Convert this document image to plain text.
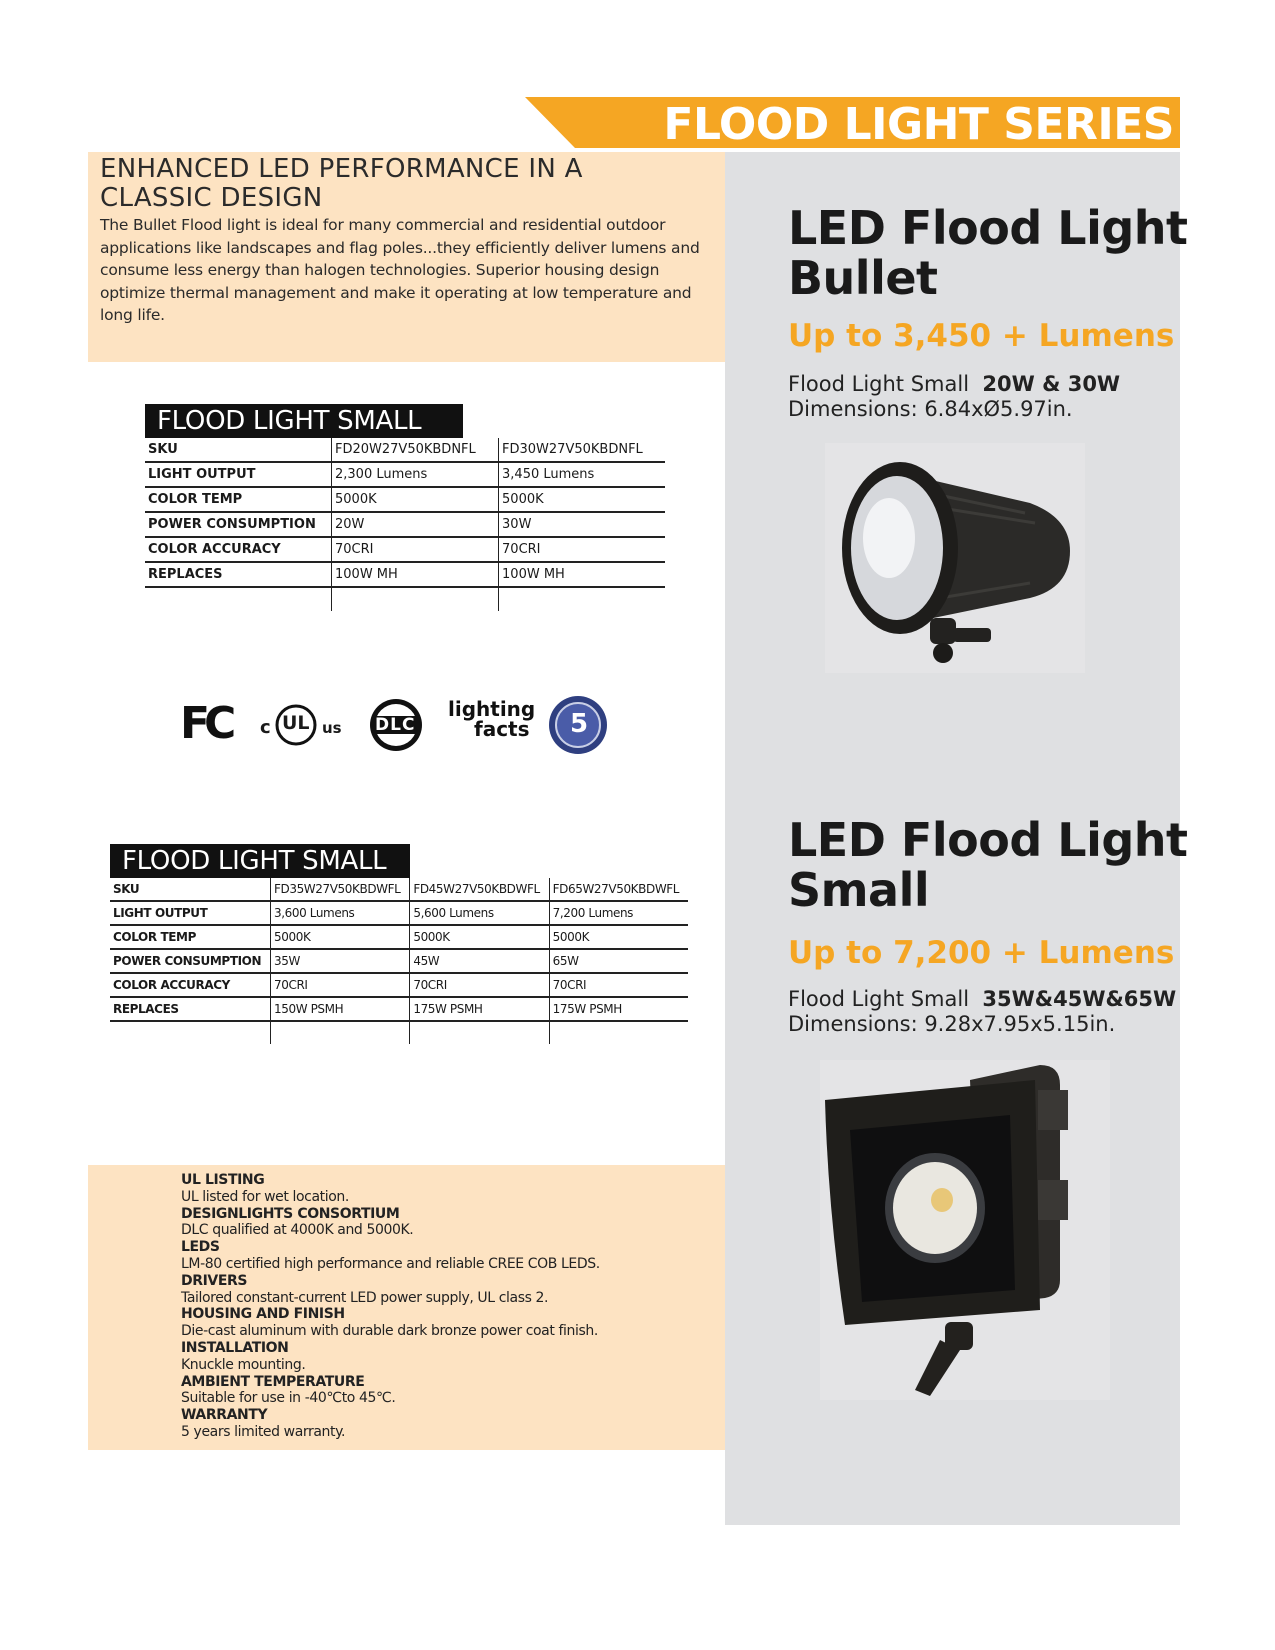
FLOOD LIGHT SERIES
ENHANCED LED PERFORMANCE IN A CLASSIC DESIGN
The Bullet Flood light is ideal for many commercial and residential outdoor applications like landscapes and flag poles...they efficiently deliver lumens and consume less energy than halogen technologies. Superior housing design optimize thermal management and make it operating at low temperature and long life.
FLOOD LIGHT SMALL
SKU	FD20W27V50KBDNFL	FD30W27V50KBDNFL
LIGHT OUTPUT	2,300 Lumens	3,450 Lumens
COLOR TEMP	5000K	5000K
POWER CONSUMPTION	20W	30W
COLOR ACCURACY	70CRI	70CRI
REPLACES	100W MH	100W MH

FC c UL us DLC
lighting
facts 5
FLOOD LIGHT SMALL
SKU	FD35W27V50KBDWFL	FD45W27V50KBDWFL	FD65W27V50KBDWFL
LIGHT OUTPUT	3,600 Lumens	5,600 Lumens	7,200 Lumens
COLOR TEMP	5000K	5000K	5000K
POWER CONSUMPTION	35W	45W	65W
COLOR ACCURACY	70CRI	70CRI	70CRI
REPLACES	150W PSMH	175W PSMH	175W PSMH

UL LISTING
UL listed for wet location.
DESIGNLIGHTS CONSORTIUM
DLC qualified at 4000K and 5000K.
LEDS
LM-80 certified high performance and reliable CREE COB LEDS.
DRIVERS
Tailored constant-current LED power supply, UL class 2.
HOUSING AND FINISH
Die-cast aluminum with durable dark bronze power coat finish.
INSTALLATION
Knuckle mounting.
AMBIENT TEMPERATURE
Suitable for use in -40℃to 45℃.
WARRANTY
5 years limited warranty.
LED Flood Light
Bullet
Up to 3,450 + Lumens
Flood Light Small 20W & 30W
Dimensions: 6.84xØ5.97in.
LED Flood Light
Small
Up to 7,200 + Lumens
Flood Light Small 35W&45W&65W
Dimensions: 9.28x7.95x5.15in.
